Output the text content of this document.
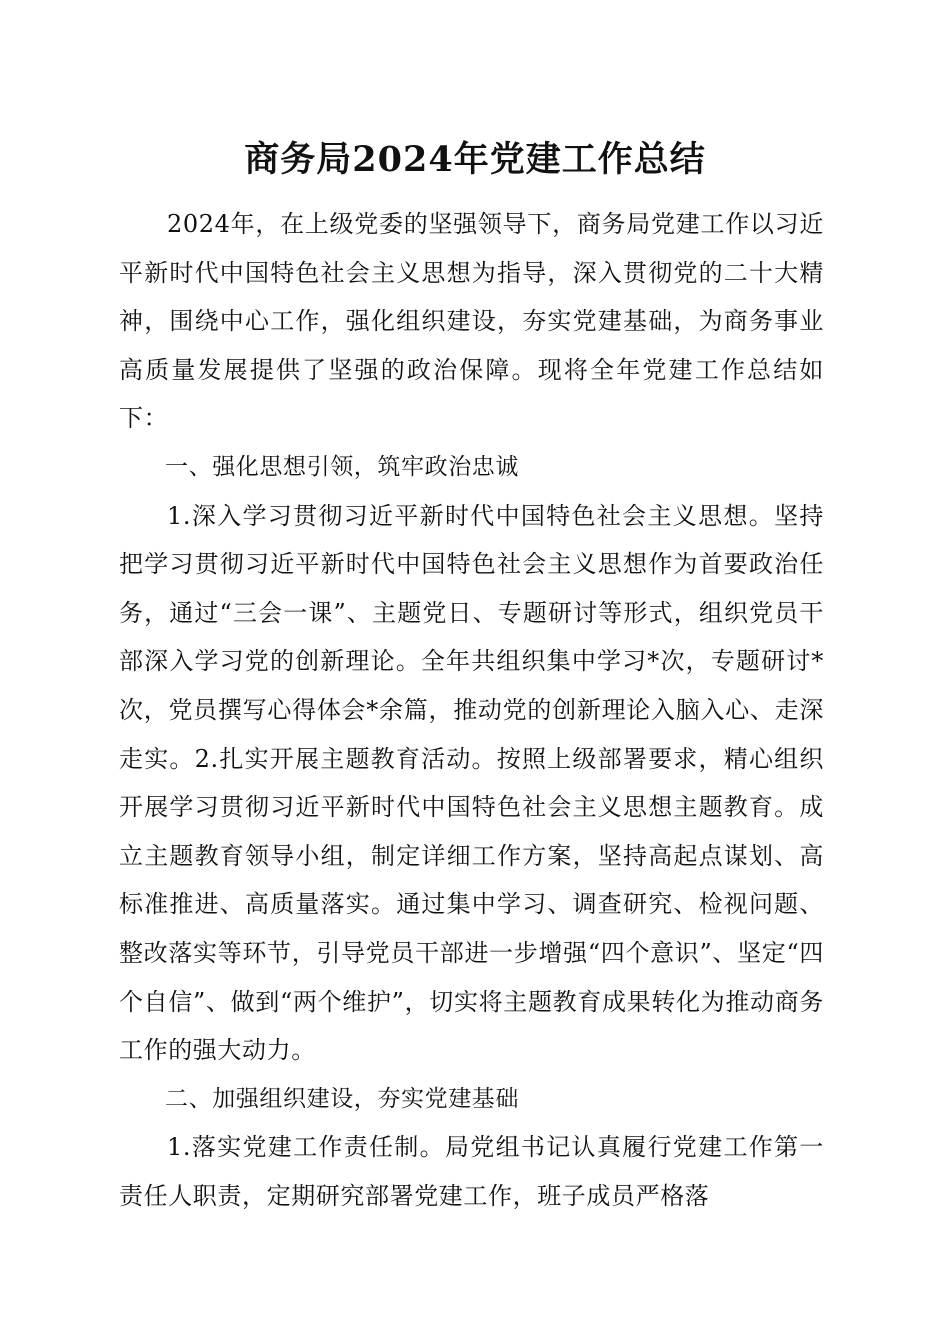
商务局2024年党建工作总结

2024年，在上级党委的坚强领导下，商务局党建工作以习近平新时代中国特色社会主义思想为指导，深入贯彻党的二十大精神，围绕中心工作，强化组织建设，夯实党建基础，为商务事业高质量发展提供了坚强的政治保障。现将全年党建工作总结如下：

一、强化思想引领，筑牢政治忠诚

1.深入学习贯彻习近平新时代中国特色社会主义思想。坚持把学习贯彻习近平新时代中国特色社会主义思想作为首要政治任务，通过“三会一课”、主题党日、专题研讨等形式，组织党员干部深入学习党的创新理论。全年共组织集中学习*次，专题研讨*次，党员撰写心得体会*余篇，推动党的创新理论入脑入心、走深走实。2.扎实开展主题教育活动。按照上级部署要求，精心组织开展学习贯彻习近平新时代中国特色社会主义思想主题教育。成立主题教育领导小组，制定详细工作方案，坚持高起点谋划、高标准推进、高质量落实。通过集中学习、调查研究、检视问题、整改落实等环节，引导党员干部进一步增强“四个意识”、坚定“四个自信”、做到“两个维护”，切实将主题教育成果转化为推动商务工作的强大动力。

二、加强组织建设，夯实党建基础

1.落实党建工作责任制。局党组书记认真履行党建工作第一责任人职责，定期研究部署党建工作，班子成员严格落
